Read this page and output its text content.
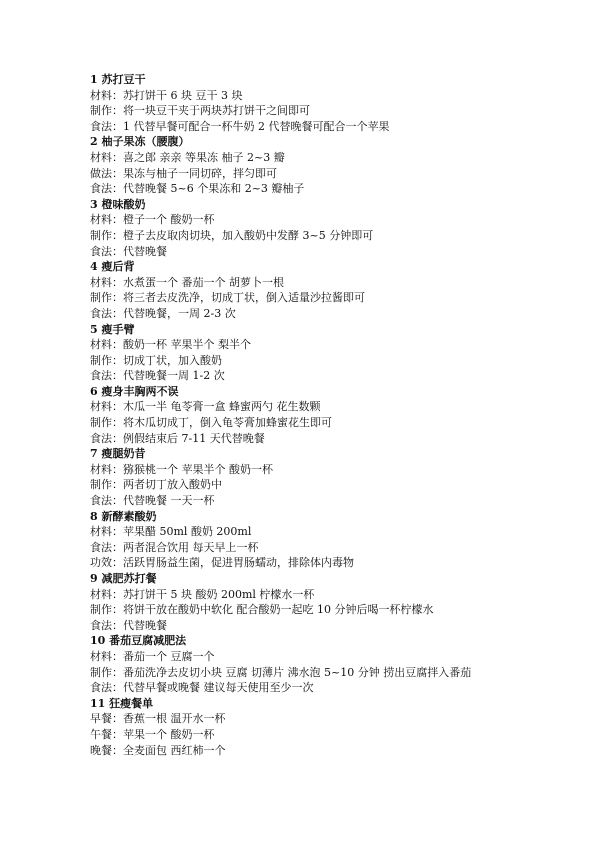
1 苏打豆干
材料：苏打饼干 6 块 豆干 3 块
制作：将一块豆干夹于两块苏打饼干之间即可
食法：1 代替早餐可配合一杯牛奶 2 代替晚餐可配合一个苹果
2 柚子果冻（腰腹）
材料：喜之郎 亲亲 等果冻 柚子 2~3 瓣
做法：果冻与柚子一同切碎，拌匀即可
食法：代替晚餐 5~6 个果冻和 2~3 瓣柚子
3 橙味酸奶
材料：橙子一个 酸奶一杯
制作：橙子去皮取肉切块，加入酸奶中发酵 3~5 分钟即可
食法：代替晚餐
4 瘦后背
材料：水煮蛋一个 番茄一个 胡萝卜一根
制作：将三者去皮洗净，切成丁状，倒入适量沙拉酱即可
食法：代替晚餐，一周 2-3 次
5 瘦手臂
材料：酸奶一杯 苹果半个 梨半个
制作：切成丁状，加入酸奶
食法：代替晚餐一周 1-2 次
6 瘦身丰胸两不误
材料：木瓜一半 龟苓膏一盒 蜂蜜两勺 花生数颗
制作：将木瓜切成丁，倒入龟苓膏加蜂蜜花生即可
食法：例假结束后 7-11 天代替晚餐
7 瘦腿奶昔
材料：猕猴桃一个 苹果半个 酸奶一杯
制作：两者切丁放入酸奶中
食法：代替晚餐 一天一杯
8 新酵素酸奶
材料：苹果醋 50ml 酸奶 200ml
食法：两者混合饮用 每天早上一杯
功效：活跃胃肠益生菌，促进胃肠蠕动，排除体内毒物
9 减肥苏打餐
材料：苏打饼干 5 块 酸奶 200ml 柠檬水一杯
制作：将饼干放在酸奶中软化 配合酸奶一起吃 10 分钟后喝一杯柠檬水
食法：代替晚餐
10 番茄豆腐减肥法
材料：番茄一个 豆腐一个
制作：番茄洗净去皮切小块 豆腐 切薄片 沸水泡 5~10 分钟 捞出豆腐拌入番茄
食法：代替早餐或晚餐 建议每天使用至少一次
11 狂瘦餐单
早餐：香蕉一根 温开水一杯
午餐：苹果一个 酸奶一杯
晚餐：全麦面包 西红柿一个
